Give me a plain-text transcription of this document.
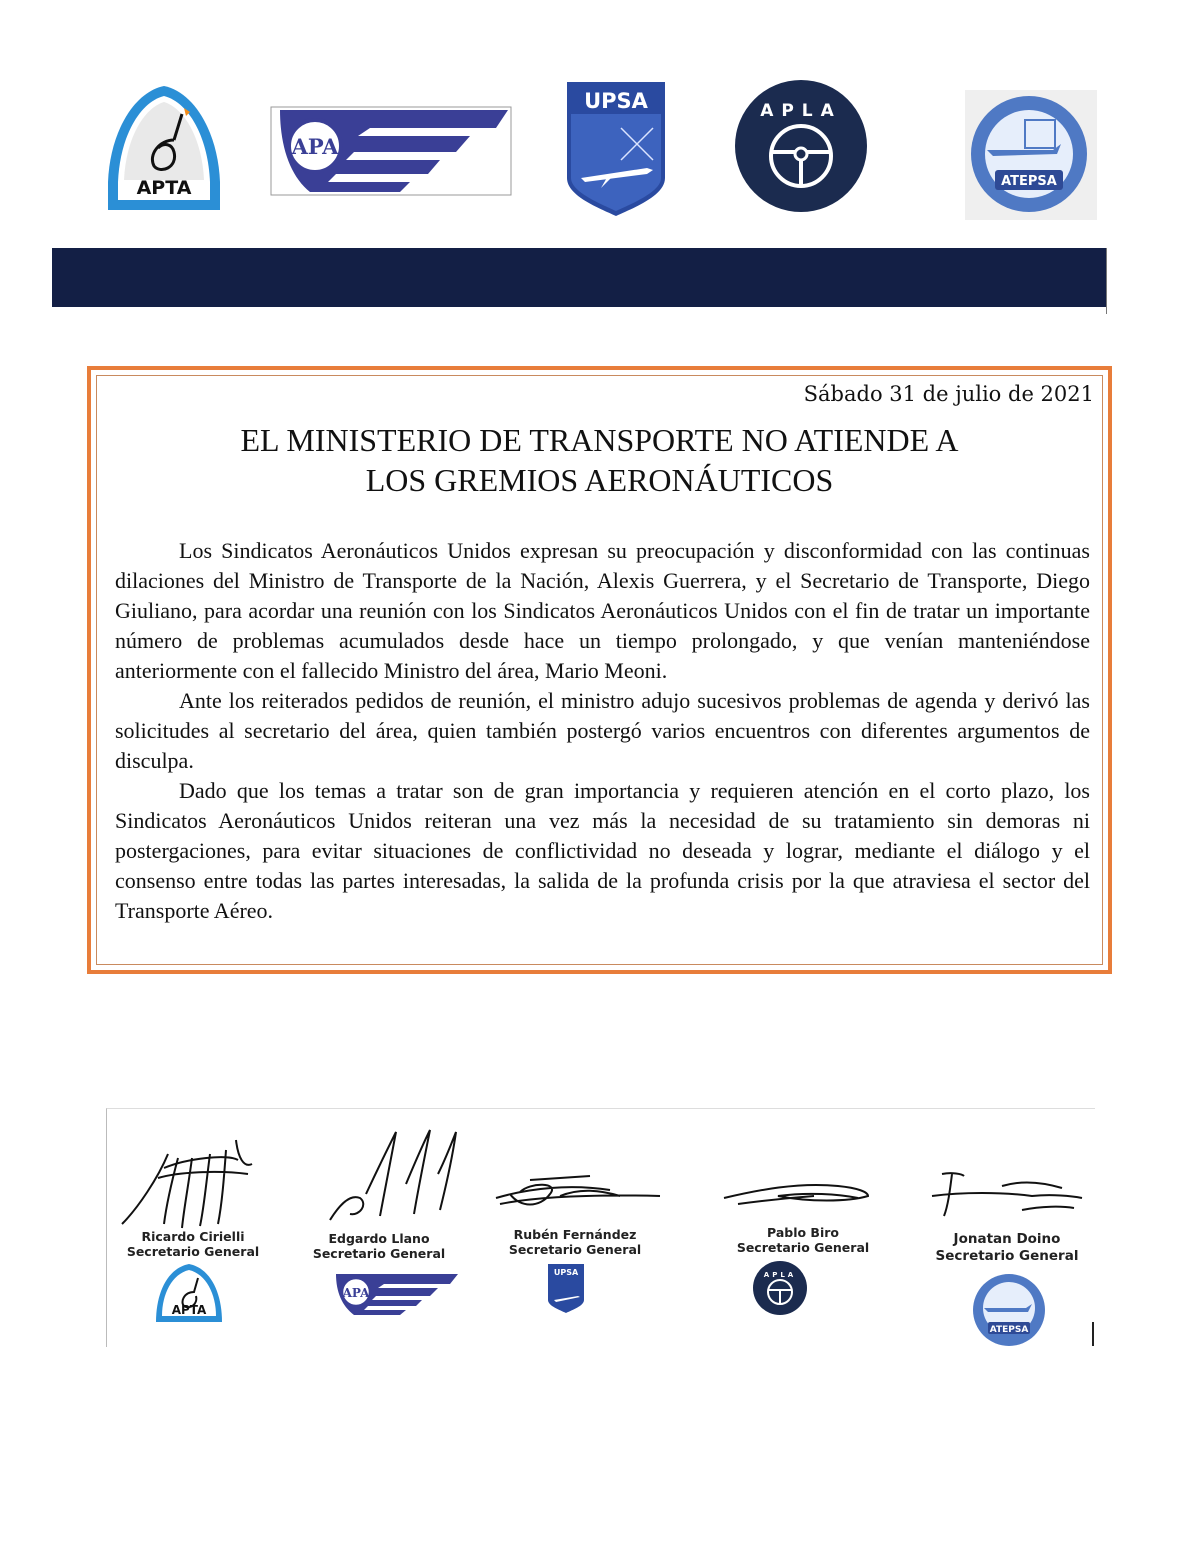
APTA
APA
UPSA	APLA
ATEPSA
Sábado 31 de julio de 2021
EL MINISTERIO DE TRANSPORTE NO ATIENDE A
LOS GREMIOS AERONÁUTICOS

Los Sindicatos Aeronáuticos Unidos expresan su preocupación y disconformidad con las continuas dilaciones del Ministro de Transporte de la Nación, Alexis Guerrera, y el Secretario de Transporte, Diego Giuliano, para acordar una reunión con los Sindicatos Aeronáuticos Unidos con el fin de tratar un importante número de problemas acumulados desde hace un tiempo prolongado, y que venían manteniéndose anteriormente con el fallecido Ministro del área, Mario Meoni.

Ante los reiterados pedidos de reunión, el ministro adujo sucesivos problemas de agenda y derivó las solicitudes al secretario del área, quien también postergó varios encuentros con diferentes argumentos de disculpa.

Dado que los temas a tratar son de gran importancia y requieren atención en el corto plazo, los Sindicatos Aeronáuticos Unidos reiteran una vez más la necesidad de su tratamiento sin demoras ni postergaciones, para evitar situaciones de conflictividad no deseada y lograr, mediante el diálogo y el consenso entre todas las partes interesadas, la salida de la profunda crisis por la que atraviesa el sector del Transporte Aéreo.

Ricardo Cirielli
Secretario General
Edgardo Llano
Secretario General
Rubén Fernández
Secretario General
Pablo Biro
Secretario General
Jonatan Doino
Secretario General
APTA
APA
UPSA	APLA
ATEPSA
